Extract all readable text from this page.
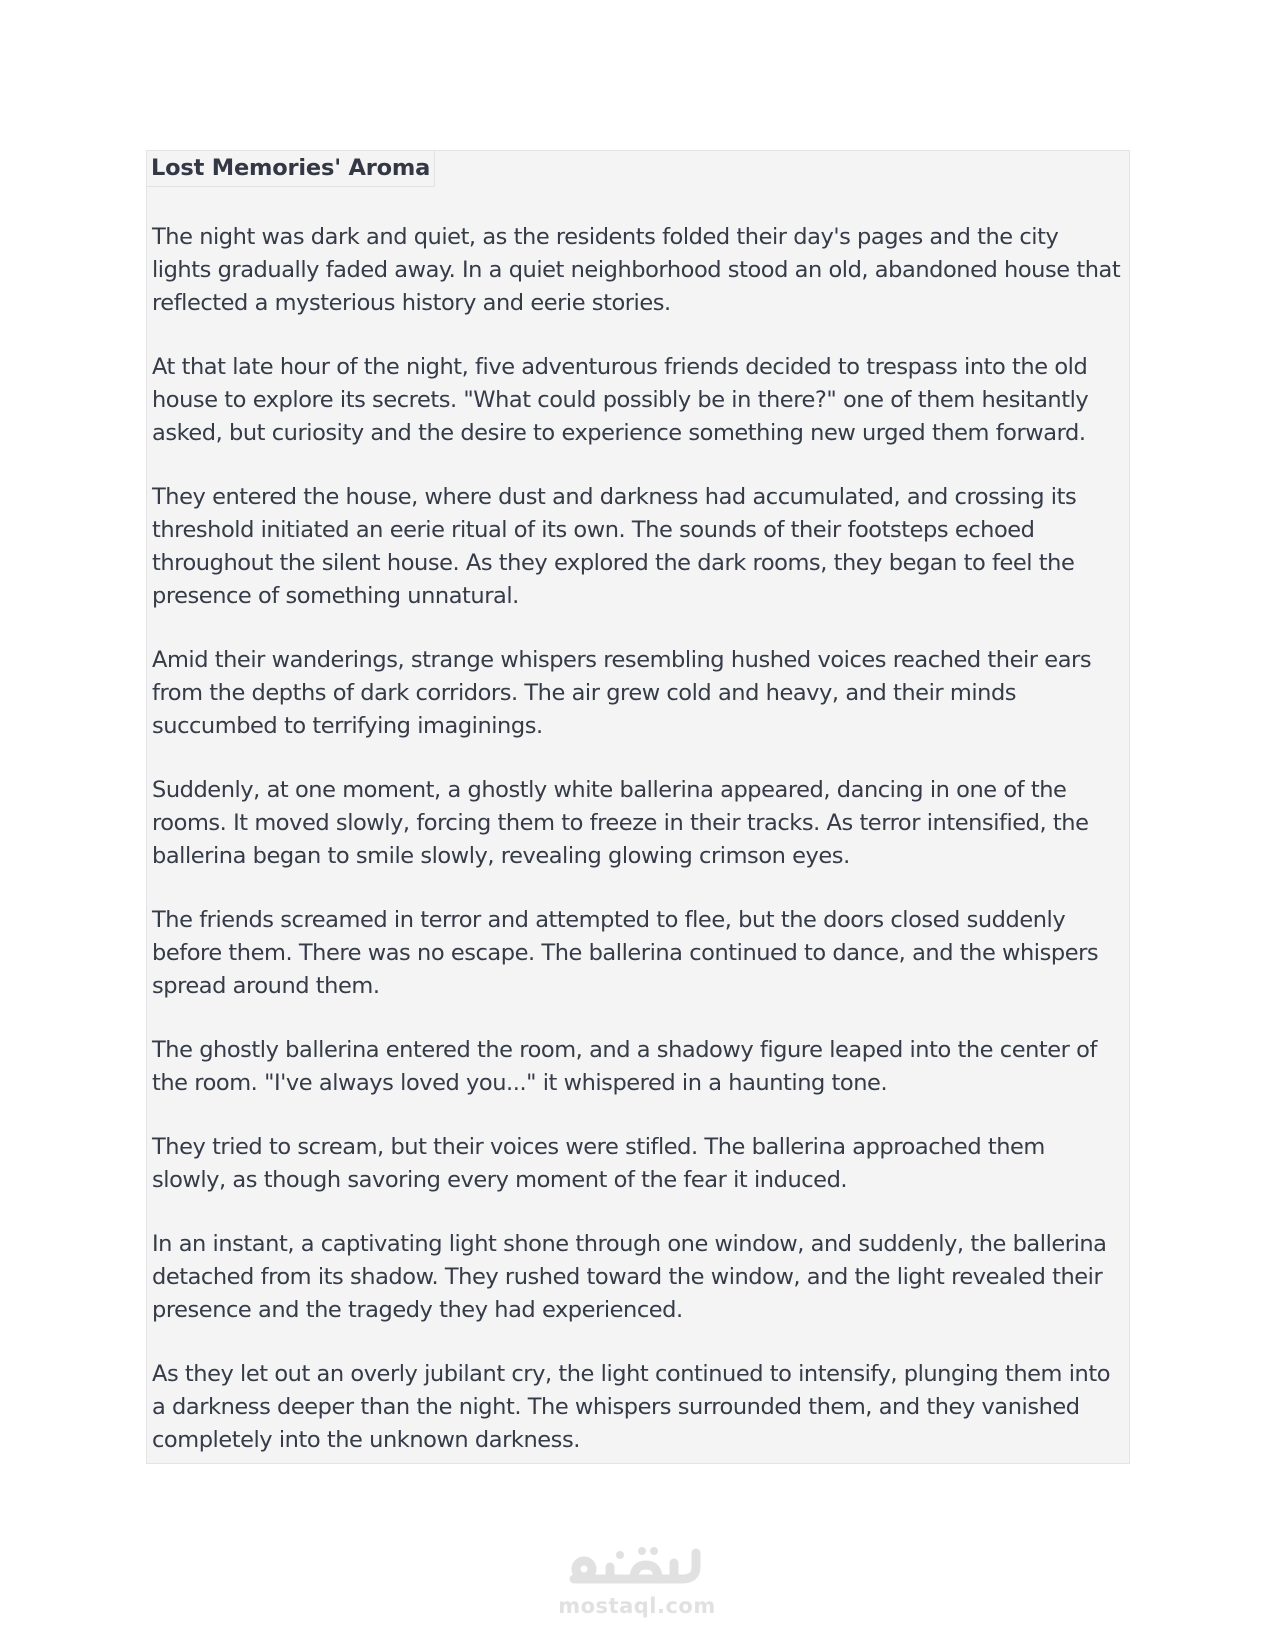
Lost Memories' Aroma

The night was dark and quiet, as the residents folded their day's pages and the city lights gradually faded away. In a quiet neighborhood stood an old, abandoned house that reflected a mysterious history and eerie stories.

At that late hour of the night, five adventurous friends decided to trespass into the old house to explore its secrets. "What could possibly be in there?" one of them hesitantly asked, but curiosity and the desire to experience something new urged them forward.

They entered the house, where dust and darkness had accumulated, and crossing its threshold initiated an eerie ritual of its own. The sounds of their footsteps echoed throughout the silent house. As they explored the dark rooms, they began to feel the presence of something unnatural.

Amid their wanderings, strange whispers resembling hushed voices reached their ears from the depths of dark corridors. The air grew cold and heavy, and their minds succumbed to terrifying imaginings.

Suddenly, at one moment, a ghostly white ballerina appeared, dancing in one of the rooms. It moved slowly, forcing them to freeze in their tracks. As terror intensified, the ballerina began to smile slowly, revealing glowing crimson eyes.

The friends screamed in terror and attempted to flee, but the doors closed suddenly before them. There was no escape. The ballerina continued to dance, and the whispers spread around them.

The ghostly ballerina entered the room, and a shadowy figure leaped into the center of the room. "I've always loved you..." it whispered in a haunting tone.

They tried to scream, but their voices were stifled. The ballerina approached them slowly, as though savoring every moment of the fear it induced.

In an instant, a captivating light shone through one window, and suddenly, the ballerina detached from its shadow. They rushed toward the window, and the light revealed their presence and the tragedy they had experienced.

As they let out an overly jubilant cry, the light continued to intensify, plunging them into a darkness deeper than the night. The whispers surrounded them, and they vanished completely into the unknown darkness.

mostaql.com
